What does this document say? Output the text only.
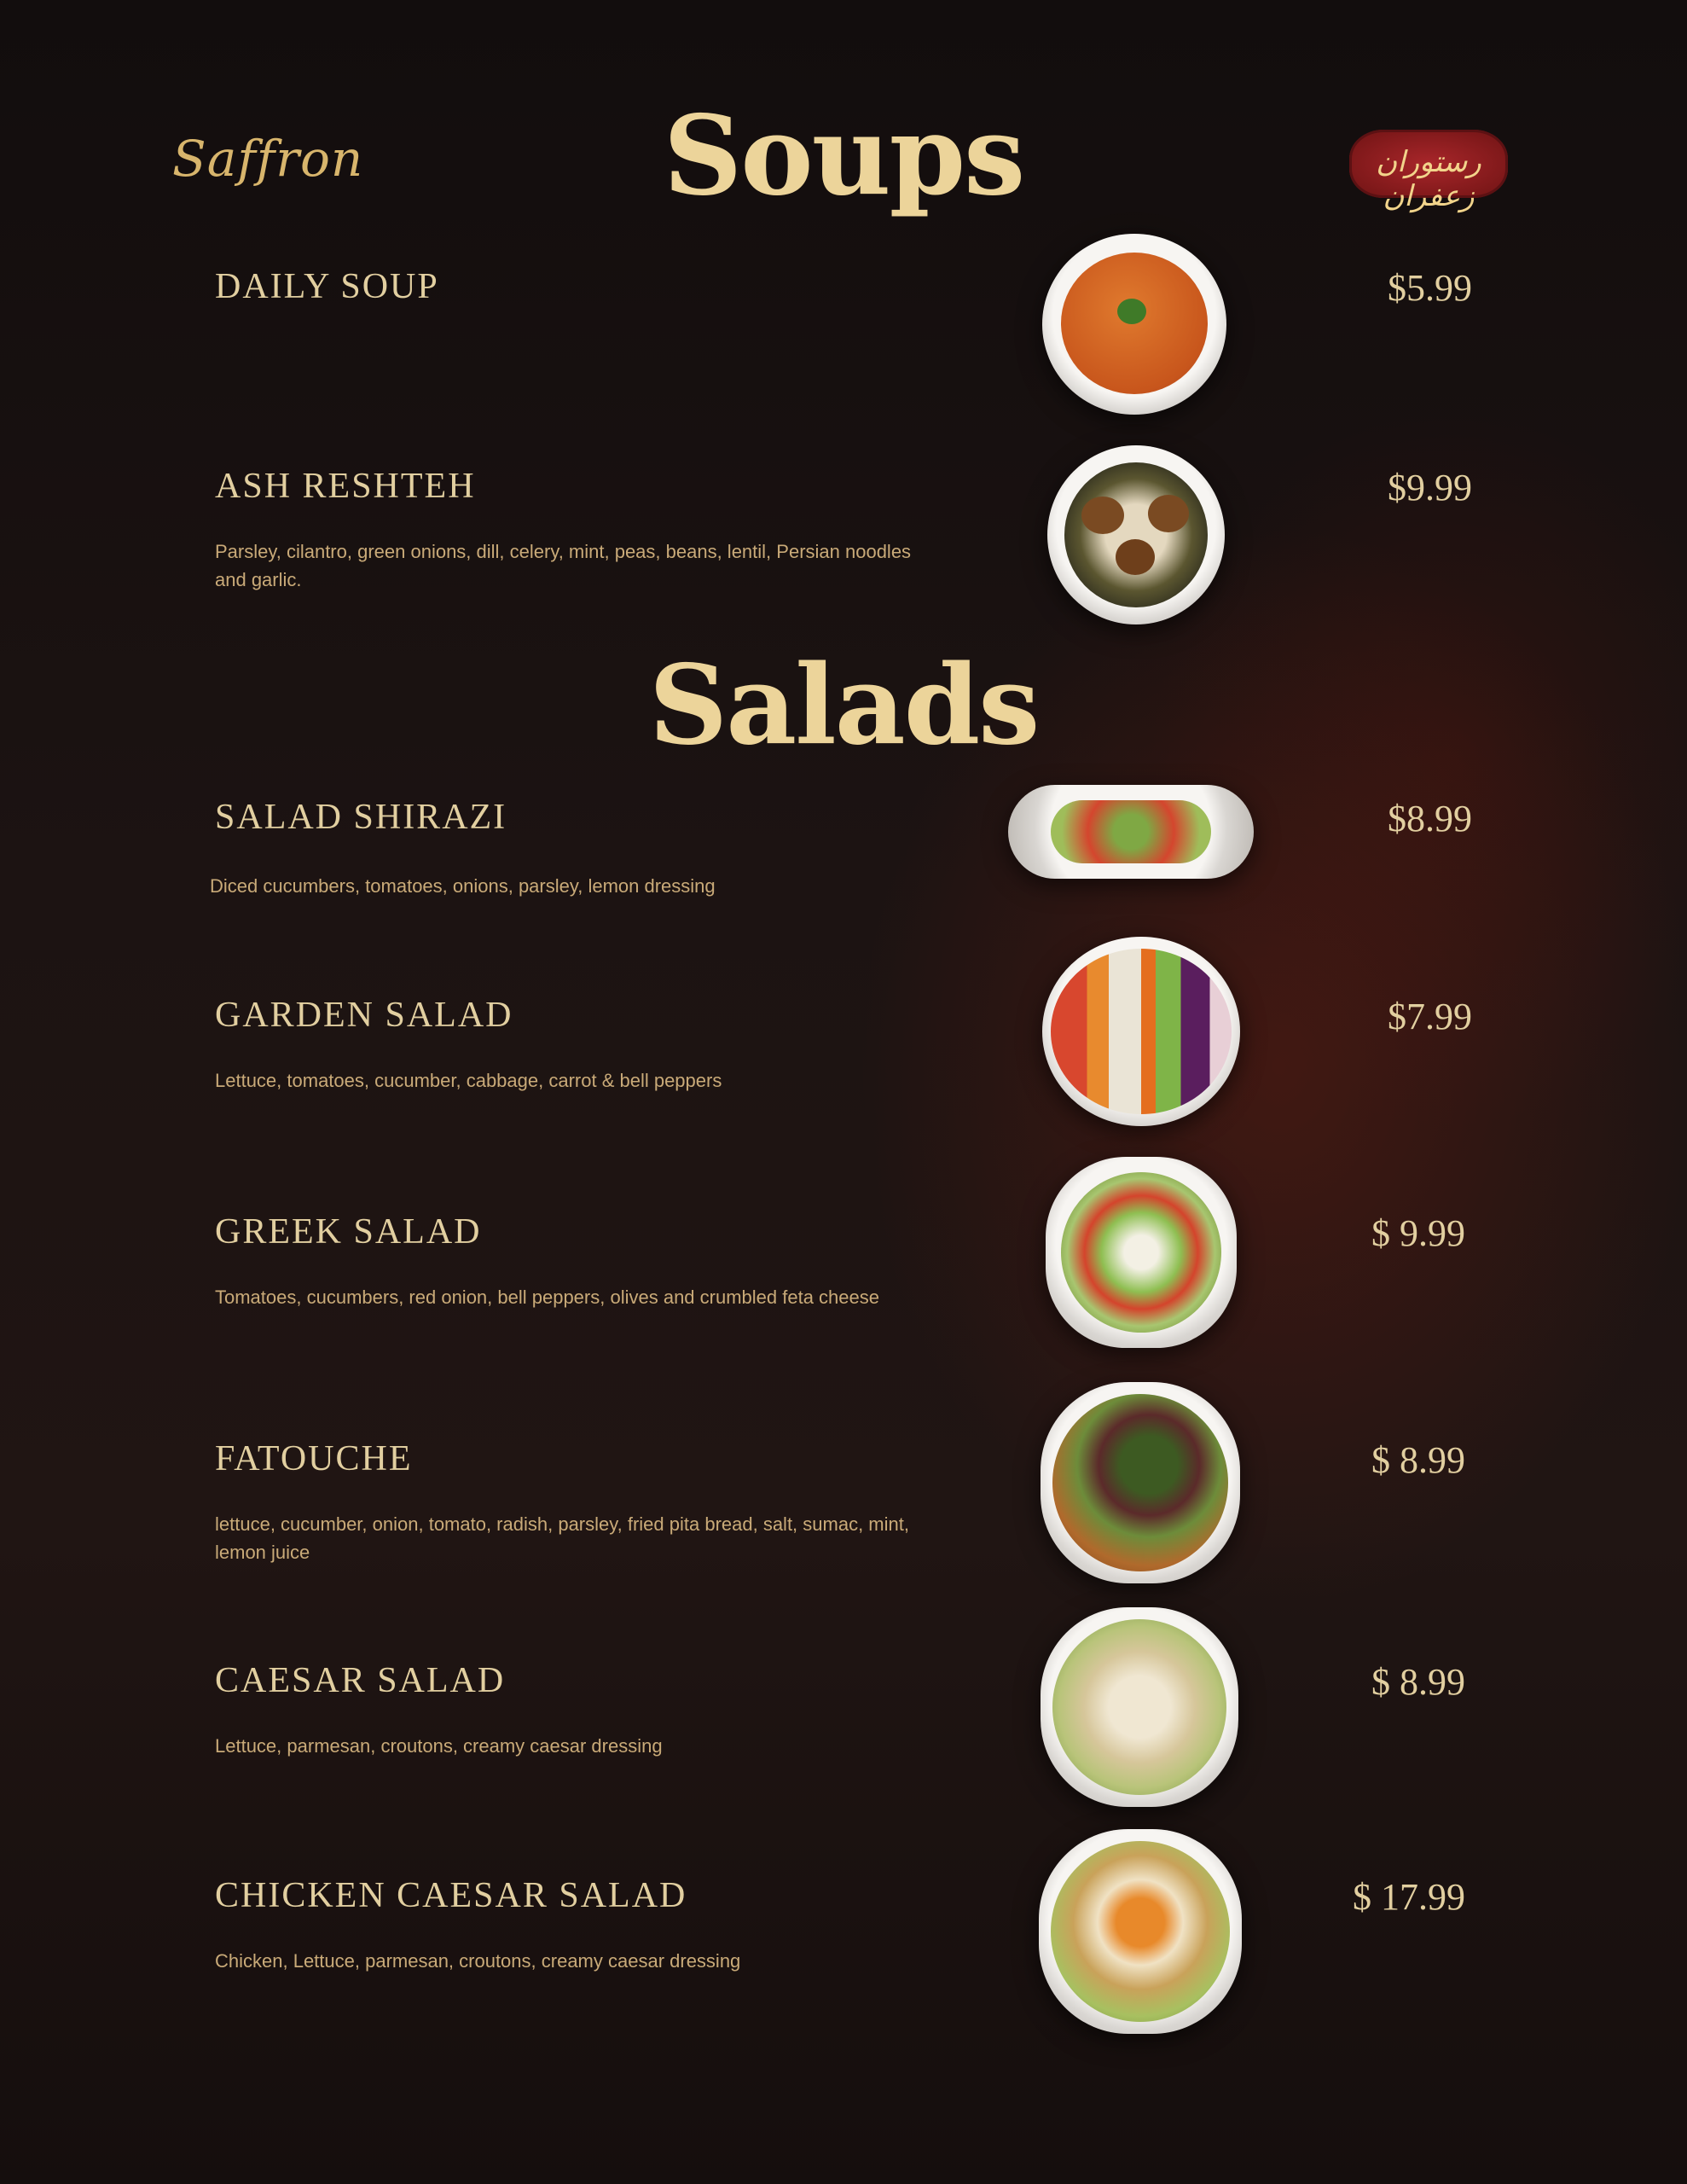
Saffron	رستوران زعفران
Soups
DAILY SOUP	$5.99
ASH RESHTEH
Parsley, cilantro, green onions, dill, celery, mint, peas, beans, lentil, Persian noodles and garlic.
$9.99
Salads
SALAD SHIRAZI
Diced cucumbers, tomatoes, onions, parsley, lemon dressing
$8.99
GARDEN SALAD
Lettuce, tomatoes, cucumber, cabbage, carrot & bell peppers
$7.99
GREEK SALAD
Tomatoes, cucumbers, red onion, bell peppers, olives and crumbled feta cheese
$ 9.99
FATOUCHE
lettuce, cucumber, onion, tomato, radish, parsley, fried pita bread, salt, sumac, mint, lemon juice
$ 8.99
CAESAR SALAD
Lettuce, parmesan, croutons, creamy caesar dressing
$ 8.99
CHICKEN CAESAR SALAD
Chicken, Lettuce, parmesan, croutons, creamy caesar dressing
$ 17.99
